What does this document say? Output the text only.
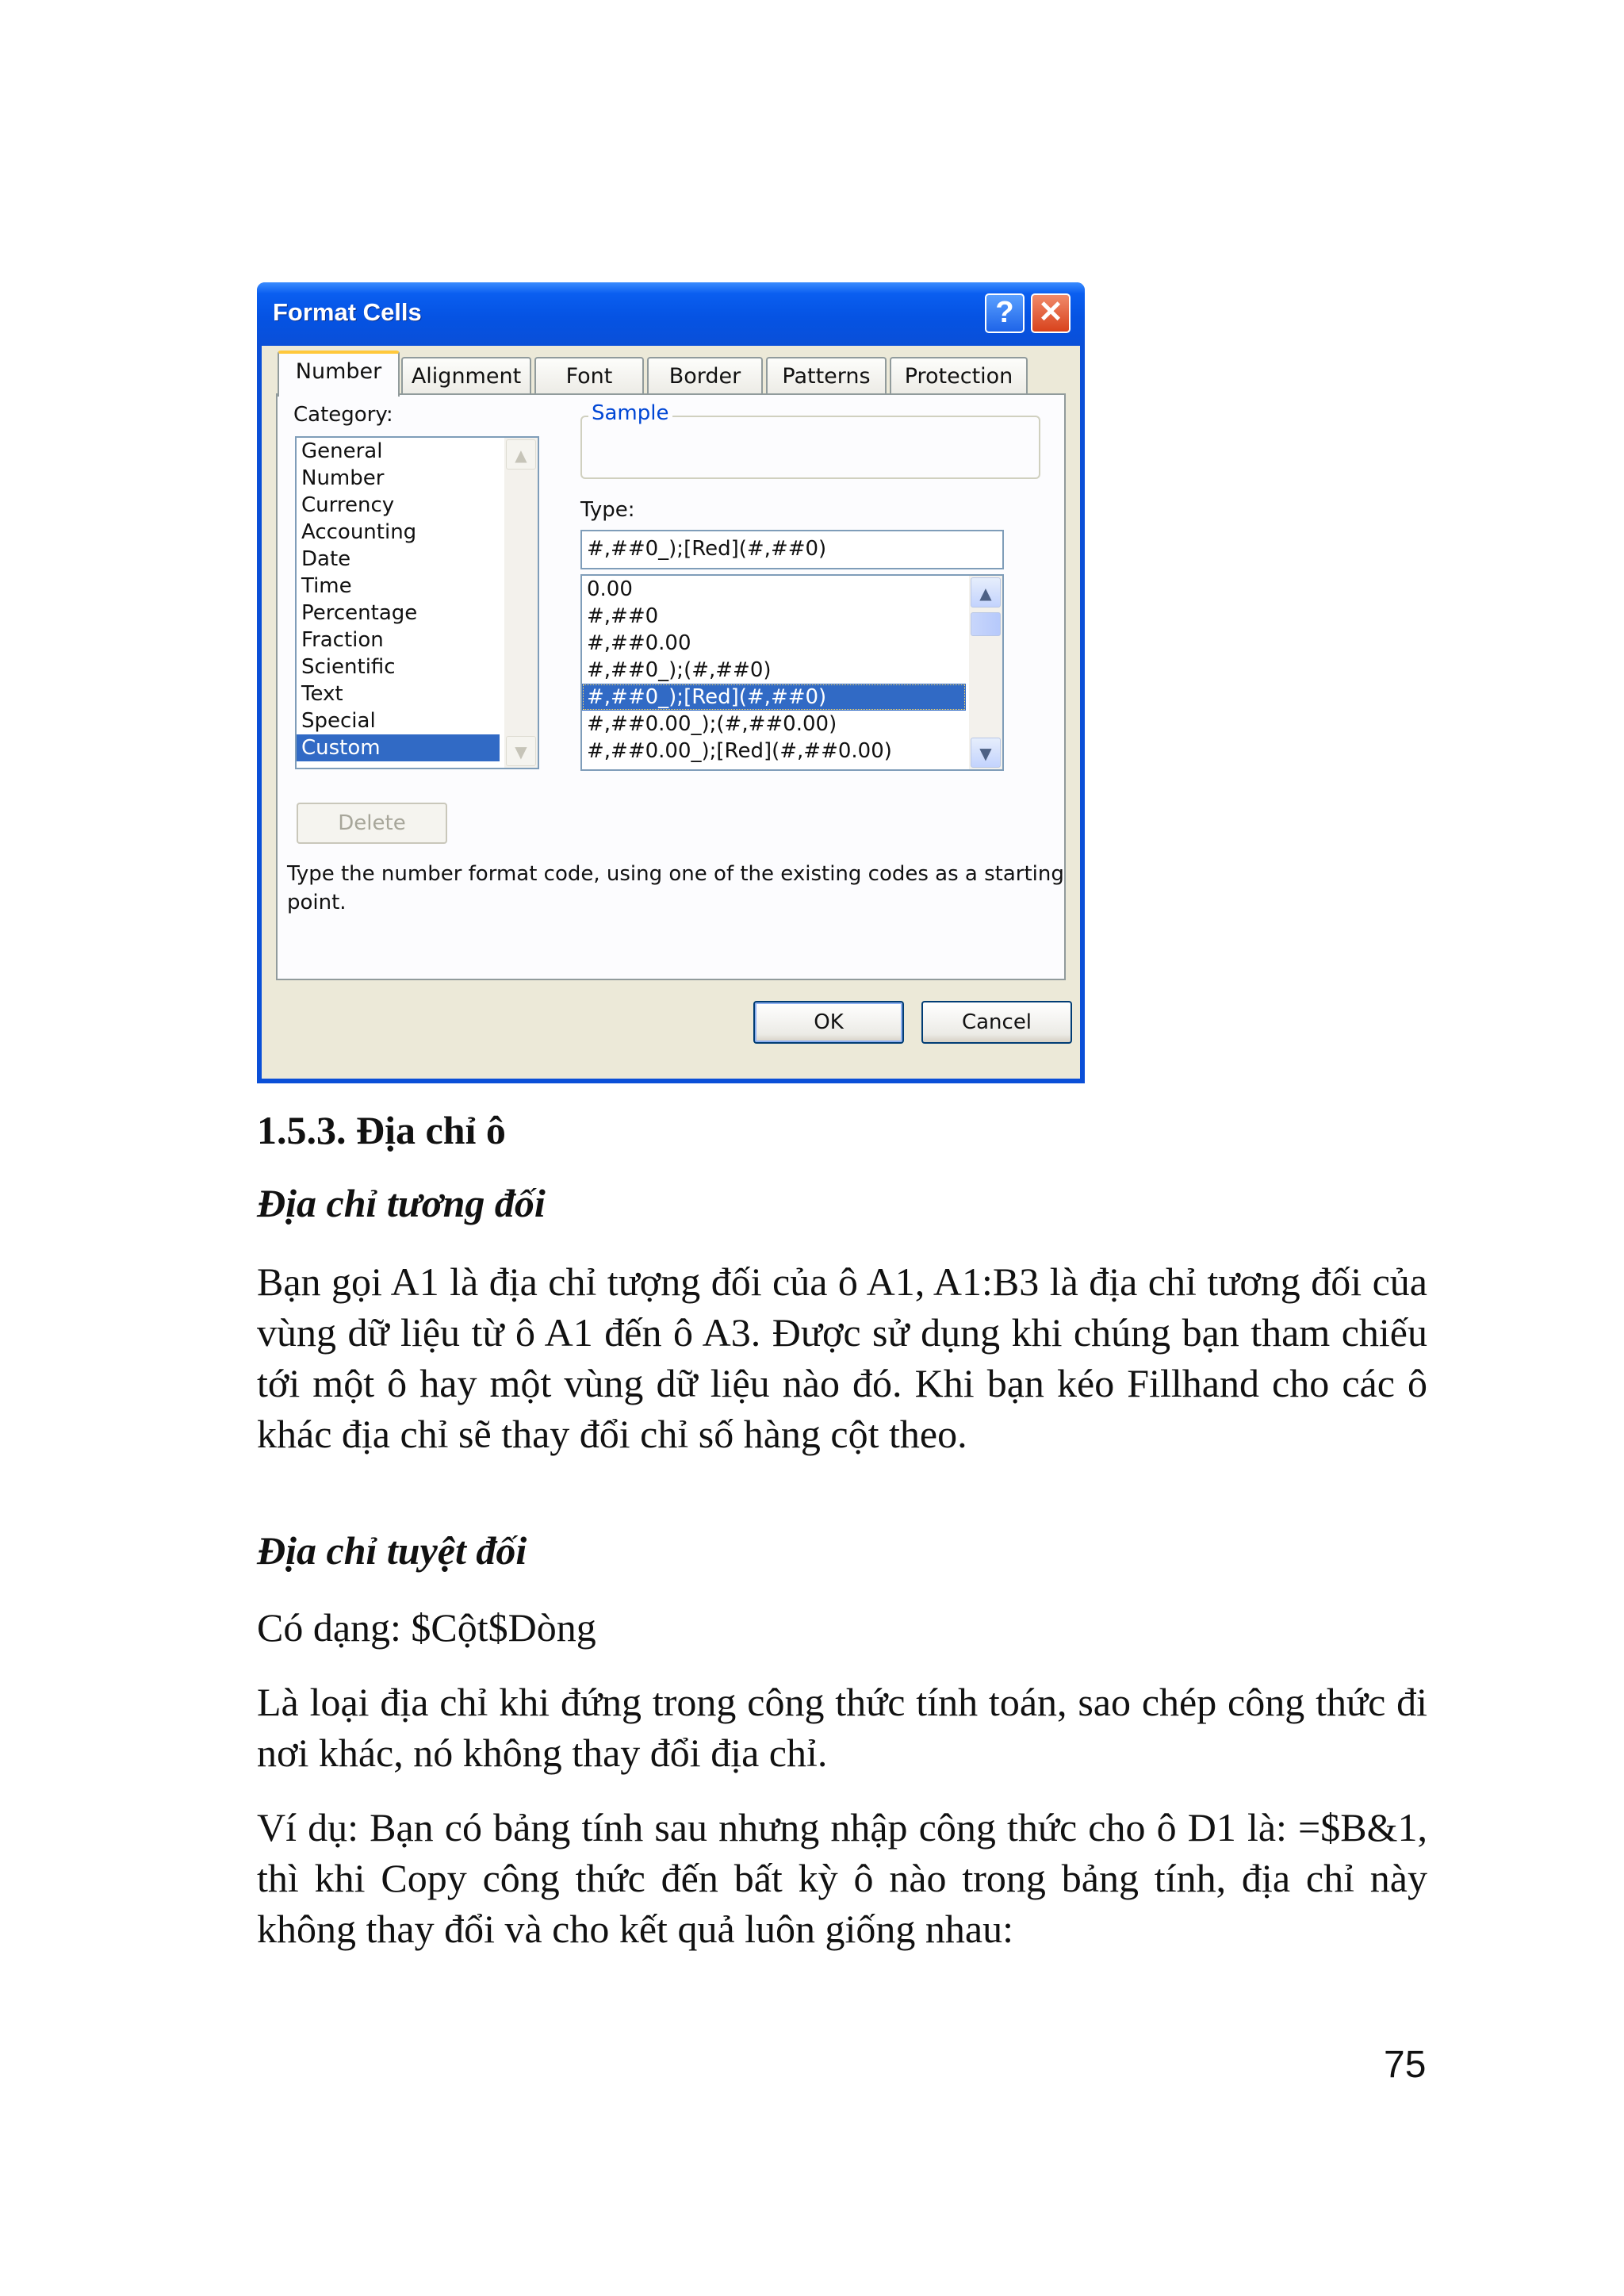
Format Cells	? ✕
Number	Alignment	Font	Border	Patterns	Protection
Category:
General
Number
Currency
Accounting
Date
Time
Percentage
Fraction
Scientific
Text
Special
Custom
▲
▼
Sample
Type:
#,##0_);[Red](#,##0)
0.00
#,##0
#,##0.00
#,##0_);(#,##0)
#,##0_);[Red](#,##0)
#,##0.00_);(#,##0.00)
#,##0.00_);[Red](#,##0.00)
▲
▼
Delete
Type the number format code, using one of the existing codes as a starting point.
OK	Cancel
1.5.3. Địa chỉ ô
Địa chỉ tương đối

Bạn gọi A1 là địa chỉ tượng đối của ô A1, A1:B3 là địa chỉ tương đối của vùng dữ liệu từ ô A1 đến ô A3. Được sử dụng khi chúng bạn tham chiếu tới một ô hay một vùng dữ liệu nào đó. Khi bạn kéo Fillhand cho các ô khác địa chỉ sẽ thay đổi chỉ số hàng cột theo.

Địa chỉ tuyệt đối

Có dạng: $Cột$Dòng

Là loại địa chỉ khi đứng trong công thức tính toán, sao chép công thức đi nơi khác, nó không thay đổi địa chỉ.

Ví dụ: Bạn có bảng tính sau nhưng nhập công thức cho ô D1 là: =$B&1, thì khi Copy công thức đến bất kỳ ô nào trong bảng tính, địa chỉ này không thay đổi và cho kết quả luôn giống nhau:

75
